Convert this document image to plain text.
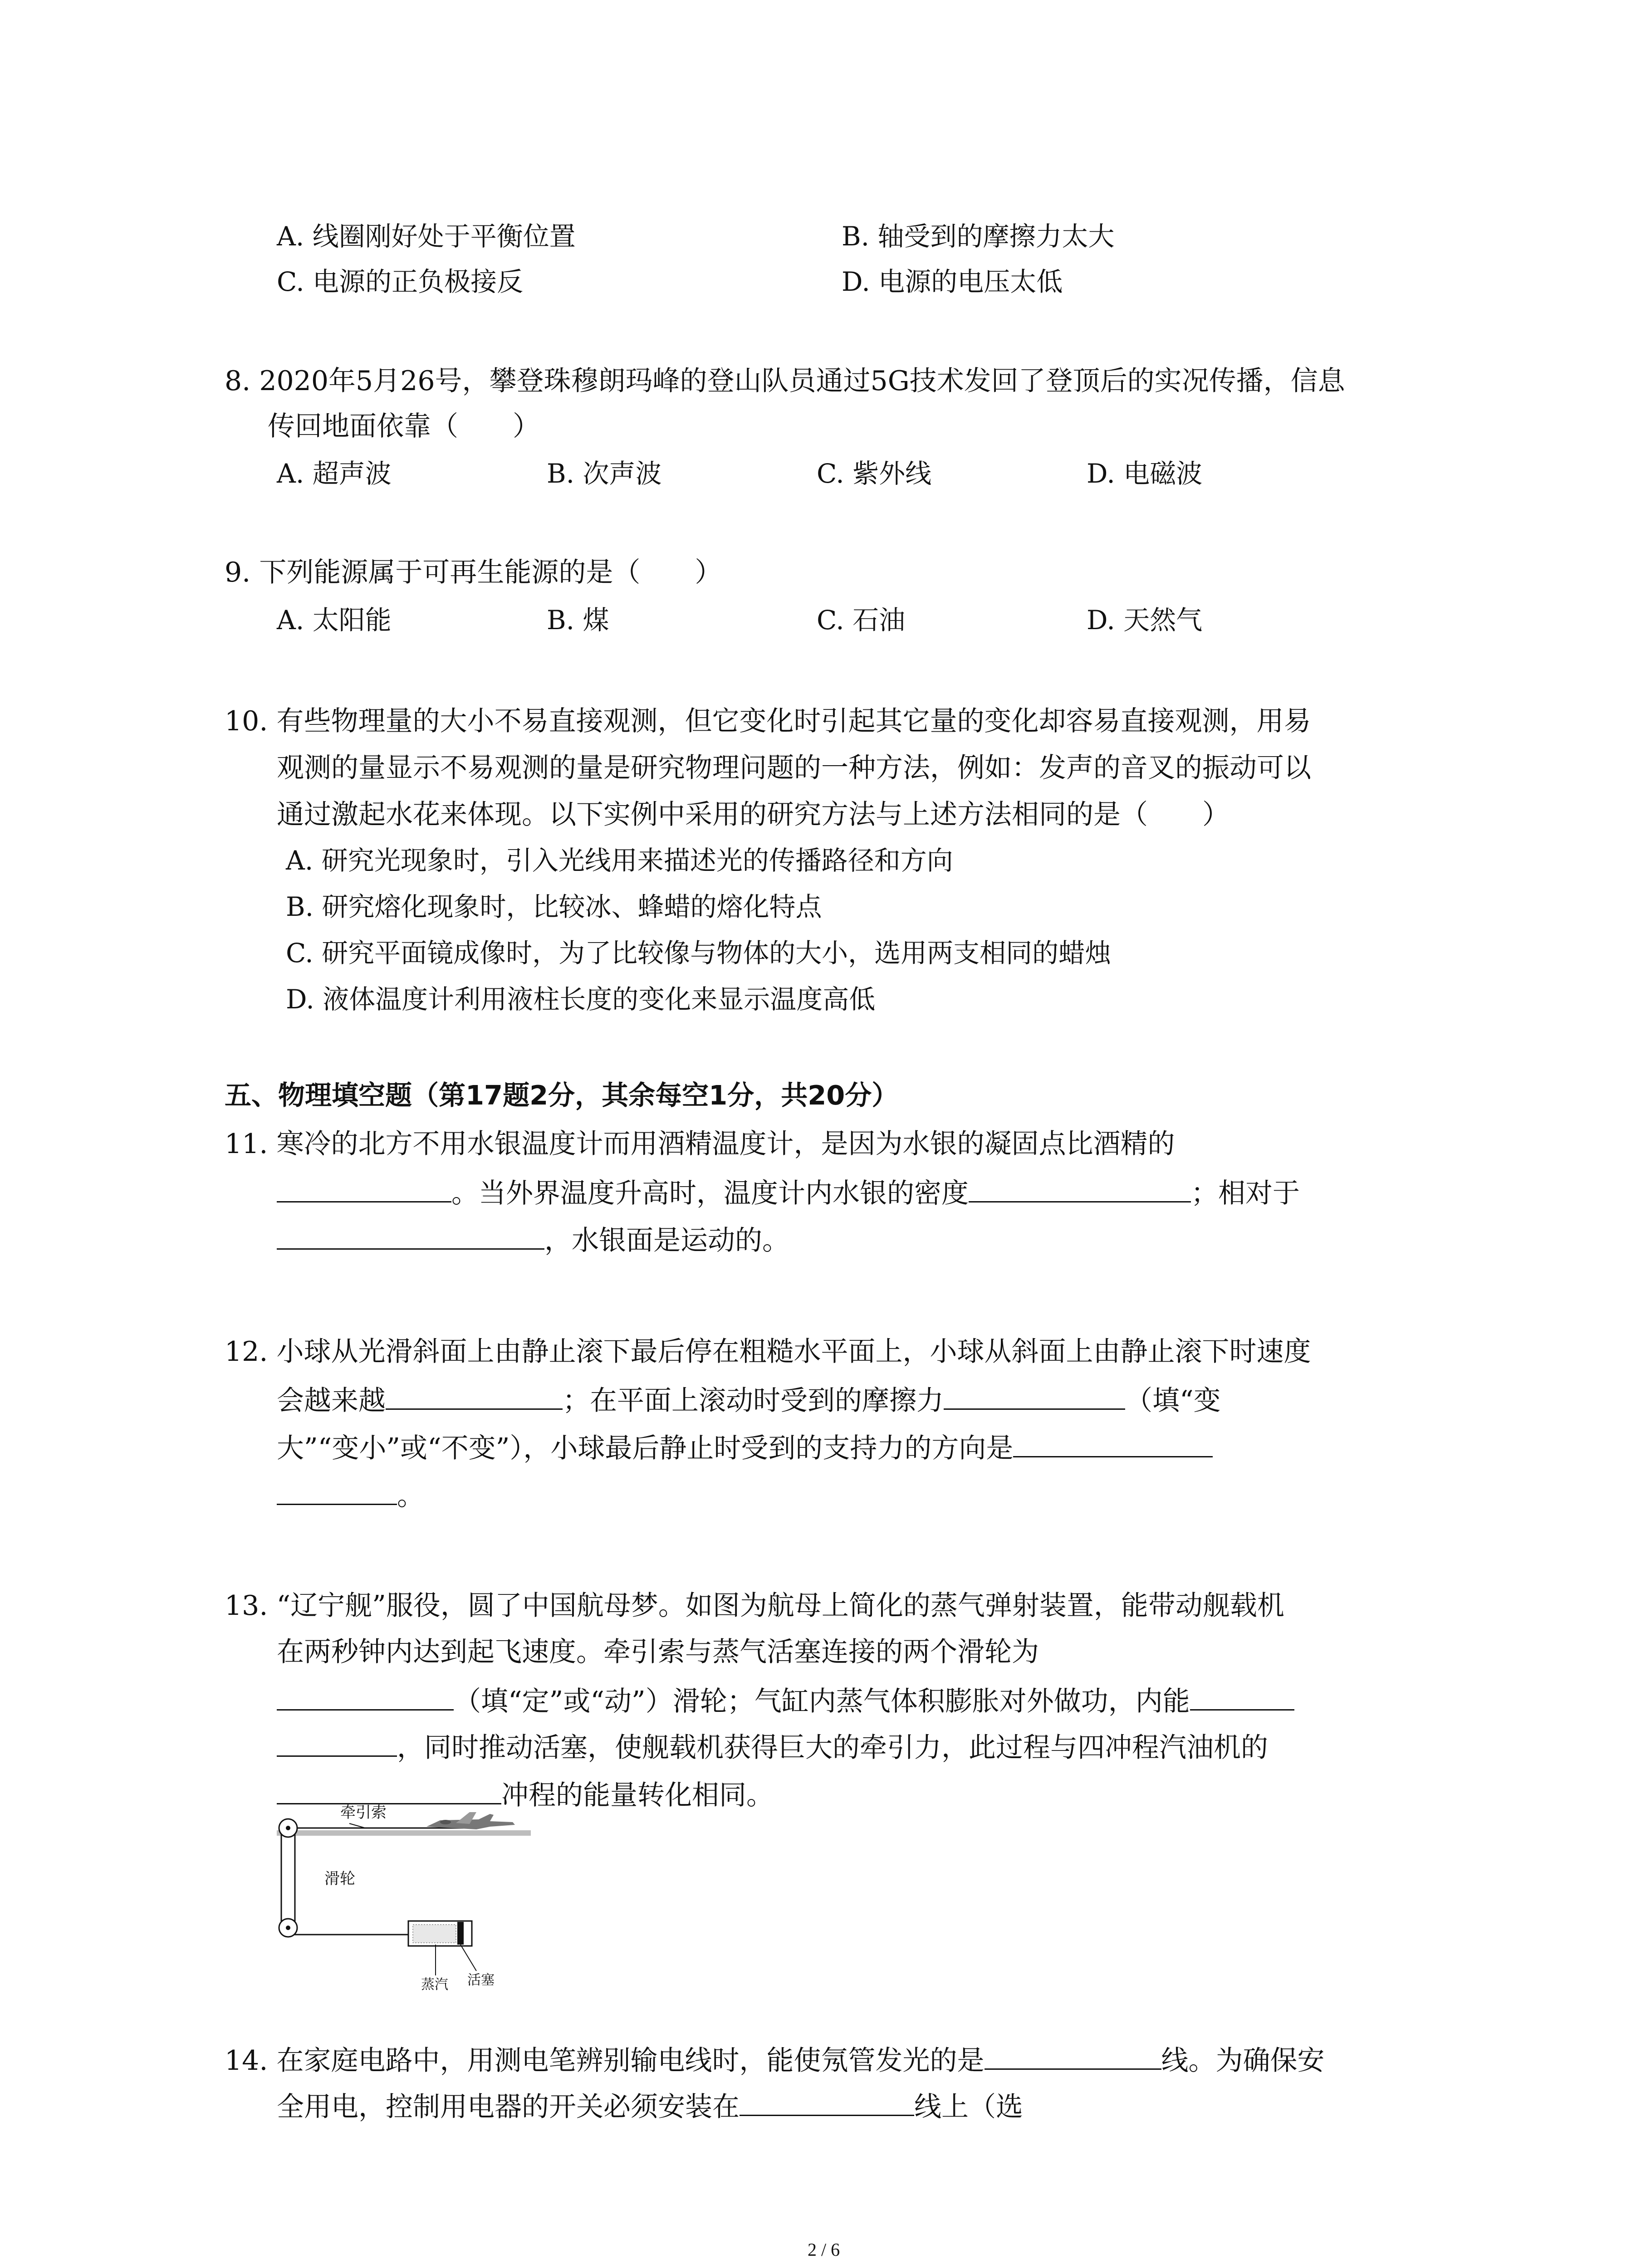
A. 线圈刚好处于平衡位置	B. 轴受到的摩擦力太大
C. 电源的正负极接反	D. 电源的电压太低
8. 2020年5月26号，攀登珠穆朗玛峰的登山队员通过5G技术发回了登顶后的实况传播，信息
传回地面依靠（　　）
A. 超声波	B. 次声波	C. 紫外线	D. 电磁波
9. 下列能源属于可再生能源的是（　　）
A. 太阳能	B. 煤	C. 石油	D. 天然气
10. 有些物理量的大小不易直接观测，但它变化时引起其它量的变化却容易直接观测，用易
观测的量显示不易观测的量是研究物理问题的一种方法，例如：发声的音叉的振动可以
通过激起水花来体现。以下实例中采用的研究方法与上述方法相同的是（　　）
A. 研究光现象时，引入光线用来描述光的传播路径和方向
B. 研究熔化现象时，比较冰、蜂蜡的熔化特点
C. 研究平面镜成像时，为了比较像与物体的大小，选用两支相同的蜡烛
D. 液体温度计利用液柱长度的变化来显示温度高低
五、物理填空题（第17题2分，其余每空1分，共20分）
11. 寒冷的北方不用水银温度计而用酒精温度计，是因为水银的凝固点比酒精的
。当外界温度升高时，温度计内水银的密度	；相对于
，水银面是运动的。
12. 小球从光滑斜面上由静止滚下最后停在粗糙水平面上，小球从斜面上由静止滚下时速度
会越来越	；在平面上滚动时受到的摩擦力	（填“变
大”“变小”或“不变”），小球最后静止时受到的支持力的方向是
。
13. “辽宁舰”服役，圆了中国航母梦。如图为航母上简化的蒸气弹射装置，能带动舰载机
在两秒钟内达到起飞速度。牵引索与蒸气活塞连接的两个滑轮为
（填“定”或“动”）滑轮；气缸内蒸气体积膨胀对外做功，内能
，同时推动活塞，使舰载机获得巨大的牵引力，此过程与四冲程汽油机的
冲程的能量转化相同。
牵引索
滑轮
蒸汽 活塞
14. 在家庭电路中，用测电笔辨别输电线时，能使氖管发光的是	线。为确保安
全用电，控制用电器的开关必须安装在	线上（选
2 / 6
